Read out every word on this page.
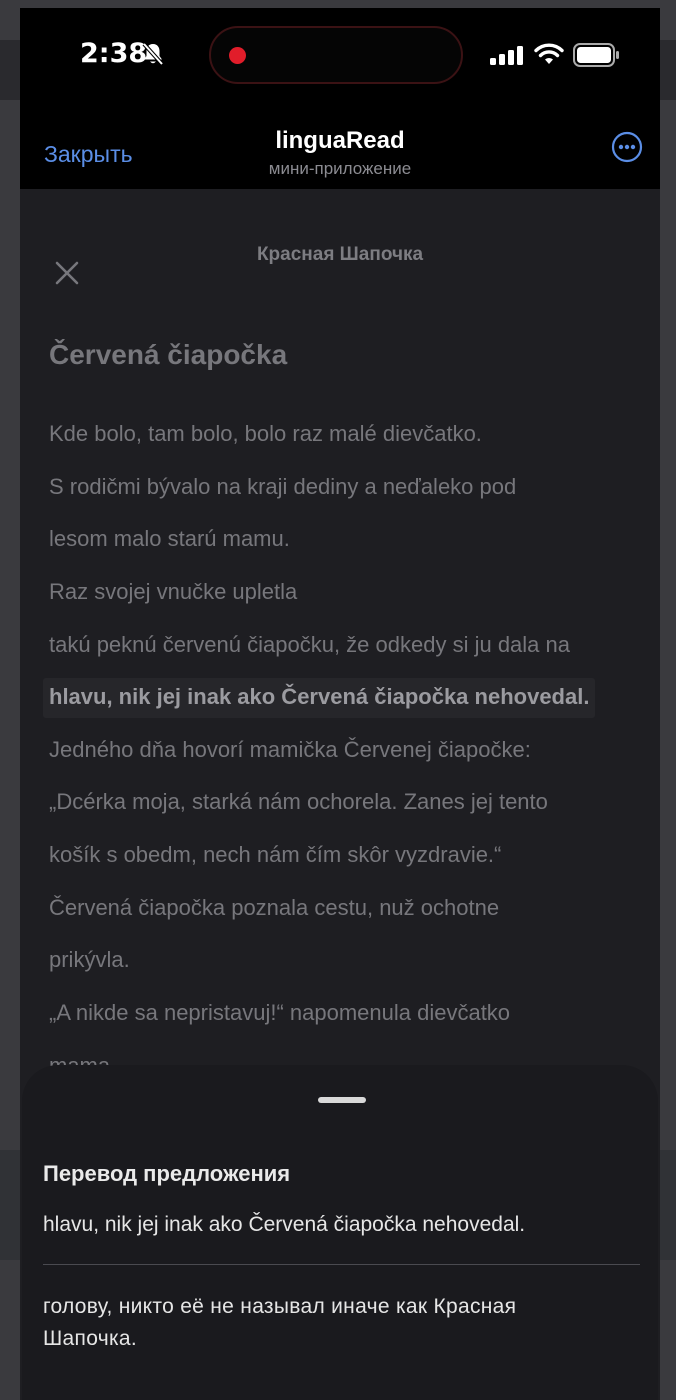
2:38
Закрыть	linguaRead
мини-приложение
Красная Шапочка
Červená čiapočka
Kde bolo, tam bolo, bolo raz malé dievčatko.
S rodičmi bývalo na kraji dediny a neďaleko pod
lesom malo starú mamu.
Raz svojej vnučke upletla
takú peknú červenú čiapočku, že odkedy si ju dala na
hlavu, nik jej inak ako Červená čiapočka nehovedal.
Jedného dňa hovorí mamička Červenej čiapočke:
„Dcérka moja, starká nám ochorela. Zanes jej tento
košík s obedm, nech nám čím skôr vyzdravie.“
Červená čiapočka poznala cestu, nuž ochotne
prikývla.
„A nikde sa nepristavuj!“ napomenula dievčatko
Перевод предложения
hlavu, nik jej inak ako Červená čiapočka nehovedal.
голову, никто её не называл иначе как Красная Шапочка.
